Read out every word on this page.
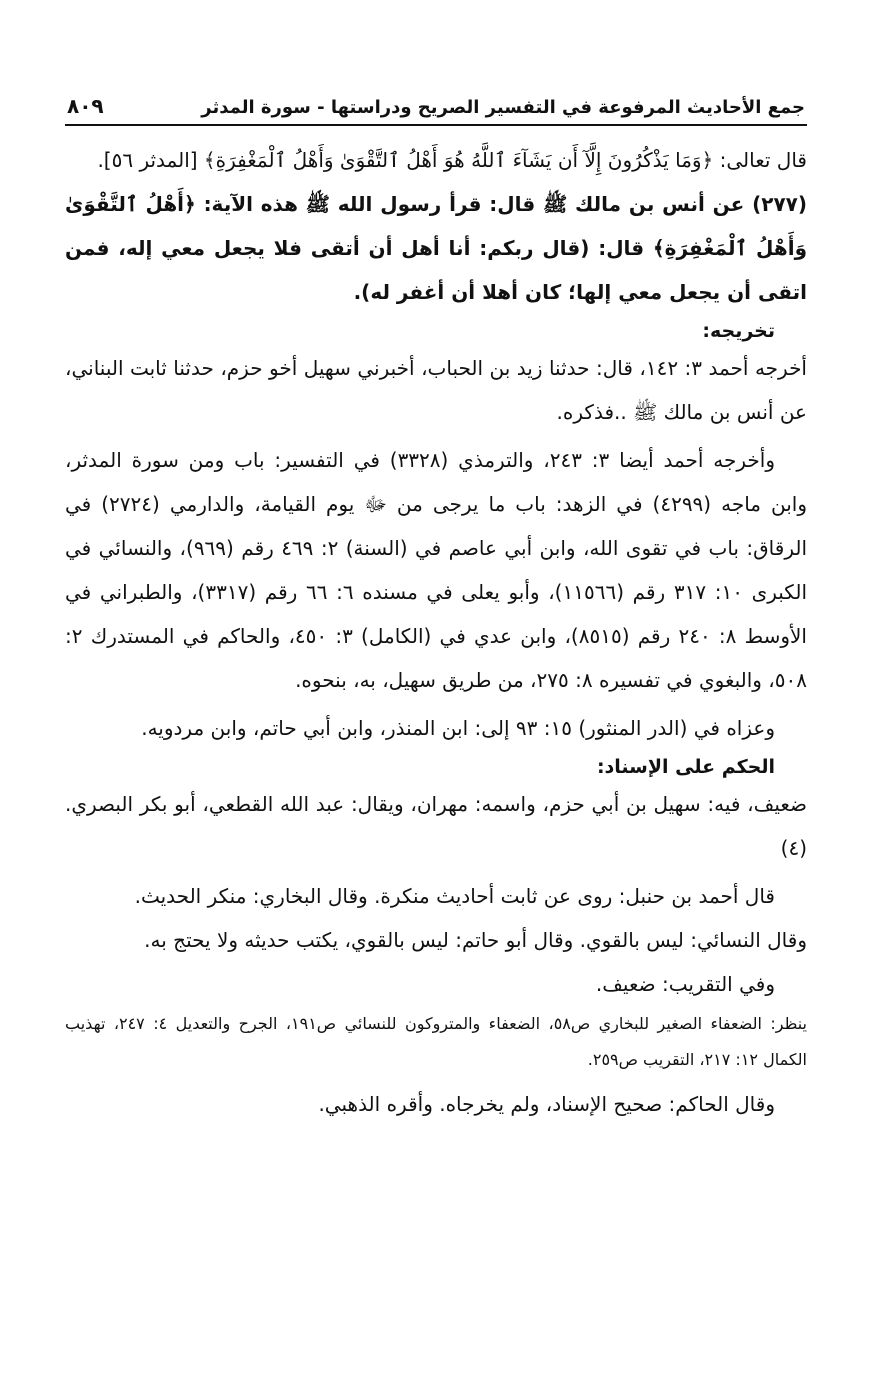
جمع الأحاديث المرفوعة في التفسير الصريح ودراستها - سورة المدثر
٨٠٩

قال تعالى: ﴿وَمَا يَذْكُرُونَ إِلَّآ أَن يَشَآءَ ٱللَّهُ هُوَ أَهْلُ ٱلتَّقْوَىٰ وَأَهْلُ ٱلْمَغْفِرَةِ﴾ [المدثر ٥٦].

(٢٧٧) عن أنس بن مالك ﷺ قال: قرأ رسول الله ﷺ هذه الآية: ﴿أَهْلُ ٱلتَّقْوَىٰ وَأَهْلُ ٱلْمَغْفِرَةِ﴾ قال: (قال ربكم: أنا أهل أن أتقى فلا يجعل معي إله، فمن اتقى أن يجعل معي إلها؛ كان أهلا أن أغفر له).

تخريجه:

أخرجه أحمد ٣: ١٤٢، قال: حدثنا زيد بن الحباب، أخبرني سهيل أخو حزم، حدثنا ثابت البناني، عن أنس بن مالك ﷺ ..فذكره.

وأخرجه أحمد أيضا ٣: ٢٤٣، والترمذي (٣٣٢٨) في التفسير: باب ومن سورة المدثر، وابن ماجه (٤٢٩٩) في الزهد: باب ما يرجى من ﷻ يوم القيامة، والدارمي (٢٧٢٤) في الرقاق: باب في تقوى الله، وابن أبي عاصم في (السنة) ٢: ٤٦٩ رقم (٩٦٩)، والنسائي في الكبرى ١٠: ٣١٧ رقم (١١٥٦٦)، وأبو يعلى في مسنده ٦: ٦٦ رقم (٣٣١٧)، والطبراني في الأوسط ٨: ٢٤٠ رقم (٨٥١٥)، وابن عدي في (الكامل) ٣: ٤٥٠، والحاكم في المستدرك ٢: ٥٠٨، والبغوي في تفسيره ٨: ٢٧٥، من طريق سهيل، به، بنحوه.

وعزاه في (الدر المنثور) ١٥: ٩٣ إلى: ابن المنذر، وابن أبي حاتم، وابن مردويه.

الحكم على الإسناد:

ضعيف، فيه: سهيل بن أبي حزم، واسمه: مهران، ويقال: عبد الله القطعي، أبو بكر البصري.(٤)

قال أحمد بن حنبل: روى عن ثابت أحاديث منكرة. وقال البخاري: منكر الحديث.

وقال النسائي: ليس بالقوي. وقال أبو حاتم: ليس بالقوي، يكتب حديثه ولا يحتج به.

وفي التقريب: ضعيف.

ينظر: الضعفاء الصغير للبخاري ص٥٨، الضعفاء والمتروكون للنسائي ص١٩١، الجرح والتعديل ٤: ٢٤٧، تهذيب الكمال ١٢: ٢١٧، التقريب ص٢٥٩.

وقال الحاكم: صحيح الإسناد، ولم يخرجاه. وأقره الذهبي.
